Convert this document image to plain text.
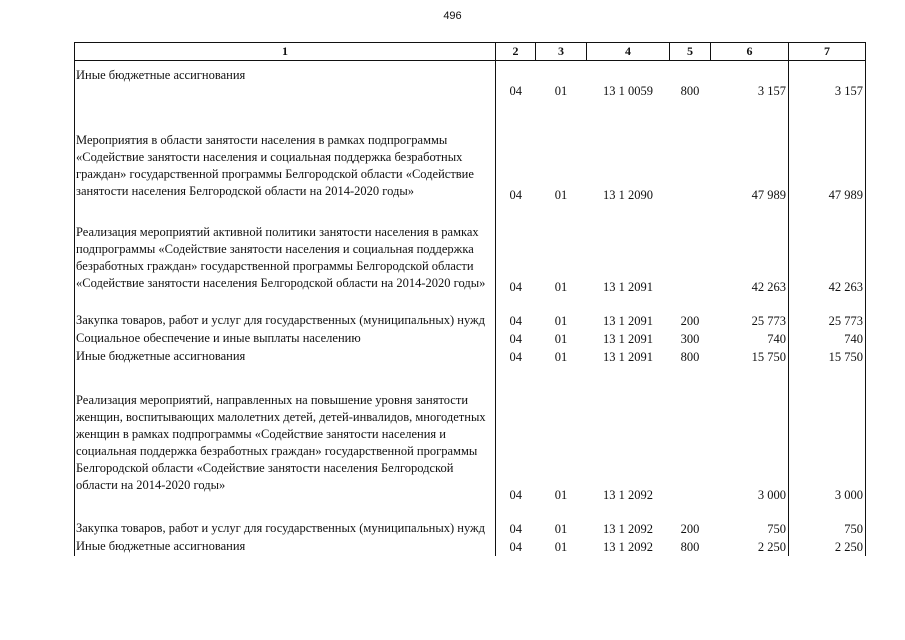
496
1	2	3	4	5	6	7
Иные бюджетные ассигнования	04	01	13 1 0059	800	3 157	3 157
Мероприятия в области занятости населения в рамках подпрограммы «Содействие занятости населения и социальная поддержка безработных граждан» государственной программы Белгородской области «Содействие занятости населения Белгородской области на 2014-2020 годы»	04	01	13 1 2090		47 989	47 989
Реализация мероприятий активной политики занятости населения в рамках подпрограммы «Содействие занятости населения и социальная поддержка безработных граждан» государственной программы Белгородской области «Содействие занятости населения Белгородской области на 2014-2020 годы»	04	01	13 1 2091		42 263	42 263
Закупка товаров, работ и услуг для государственных (муниципальных) нужд	04	01	13 1 2091	200	25 773	25 773
Социальное обеспечение и иные выплаты населению	04	01	13 1 2091	300	740	740
Иные бюджетные ассигнования	04	01	13 1 2091	800	15 750	15 750
Реализация мероприятий, направленных на повышение уровня занятости женщин, воспитывающих малолетних детей, детей-инвалидов, многодетных женщин в рамках подпрограммы «Содействие занятости населения и социальная поддержка безработных граждан» государственной программы Белгородской области «Содействие занятости населения Белгородской области на 2014-2020 годы»	04	01	13 1 2092		3 000	3 000
Закупка товаров, работ и услуг для государственных (муниципальных) нужд	04	01	13 1 2092	200	750	750
Иные бюджетные ассигнования	04	01	13 1 2092	800	2 250	2 250
